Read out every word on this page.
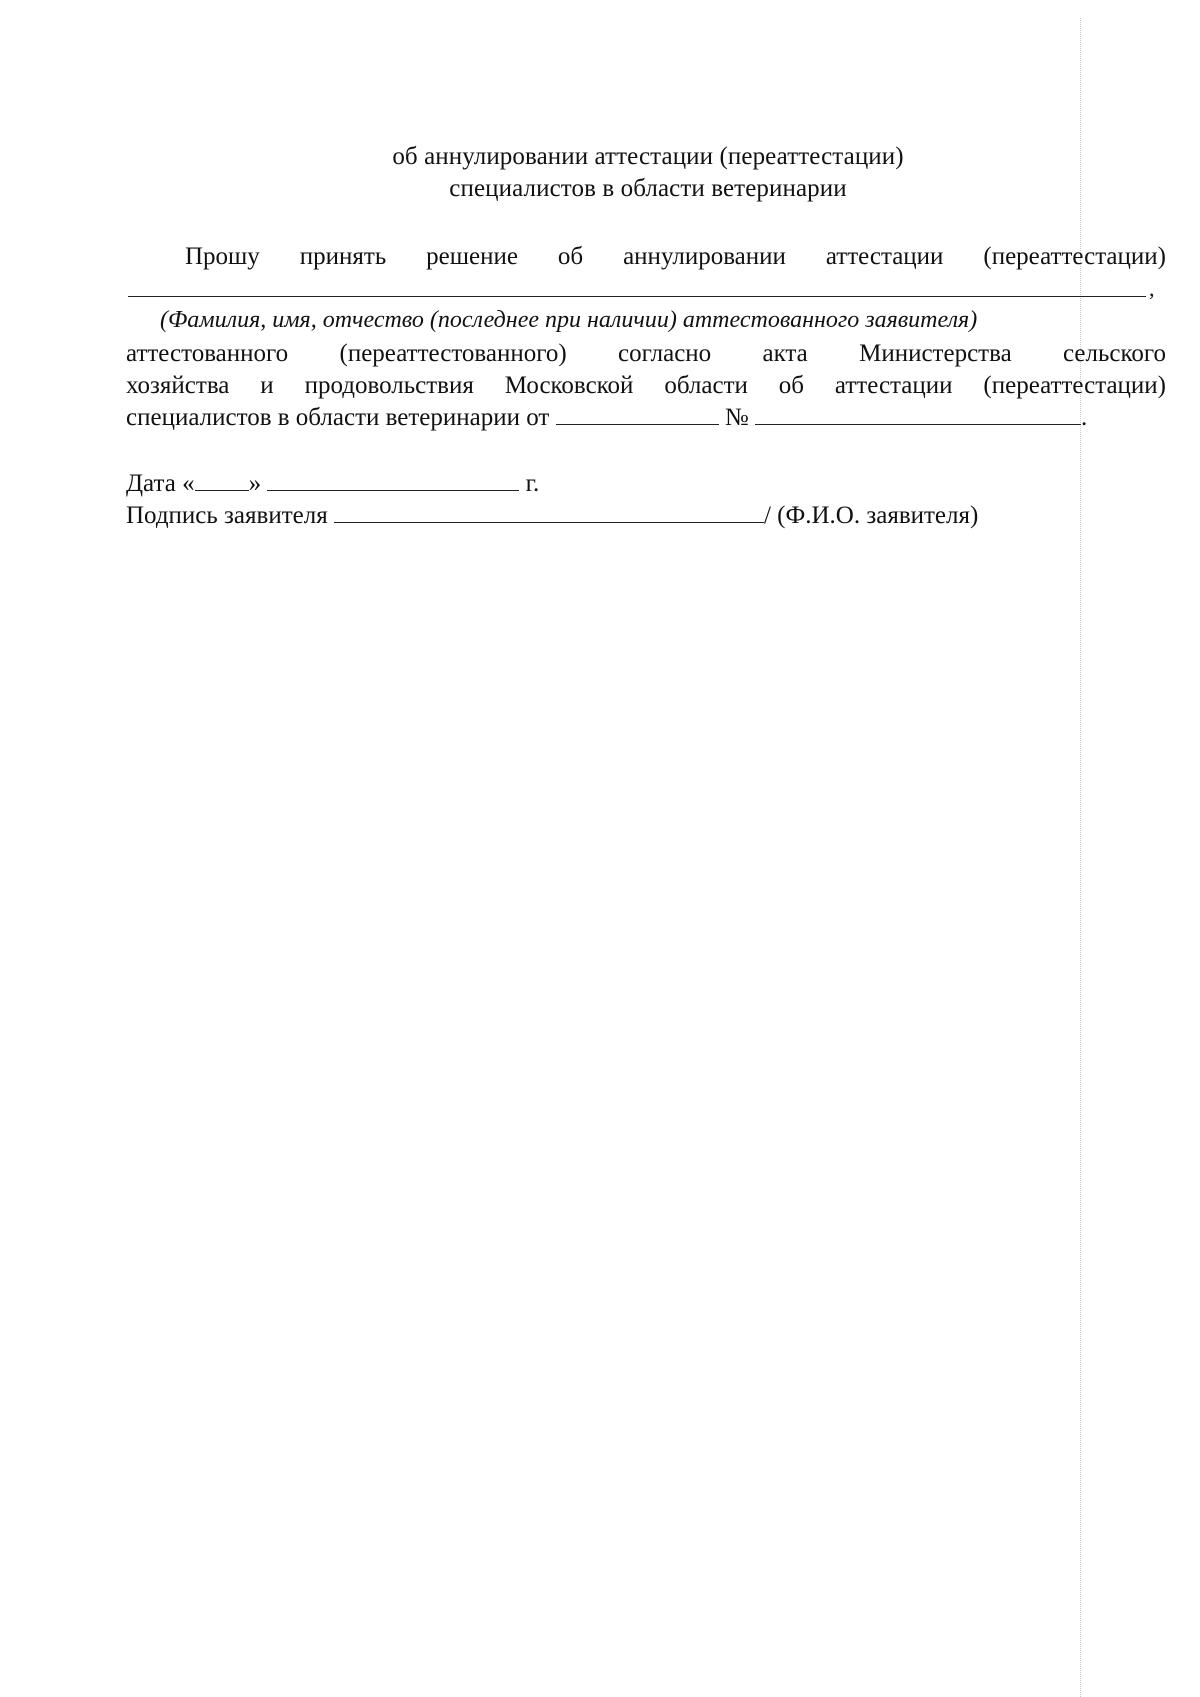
об аннулировании аттестации (переаттестации)
специалистов в области ветеринарии
Прошу принять решение об аннулировании аттестации (переаттестации)
,
(Фамилия, имя, отчество (последнее при наличии) аттестованного заявителя)
аттестованного (переаттестованного) согласно акта Министерства сельского
хозяйства и продовольствия Московской области об аттестации (переаттестации)
специалистов в области ветеринарии от	№	.
Дата « »	г.
Подпись заявителя	/ (Ф.И.О. заявителя)
